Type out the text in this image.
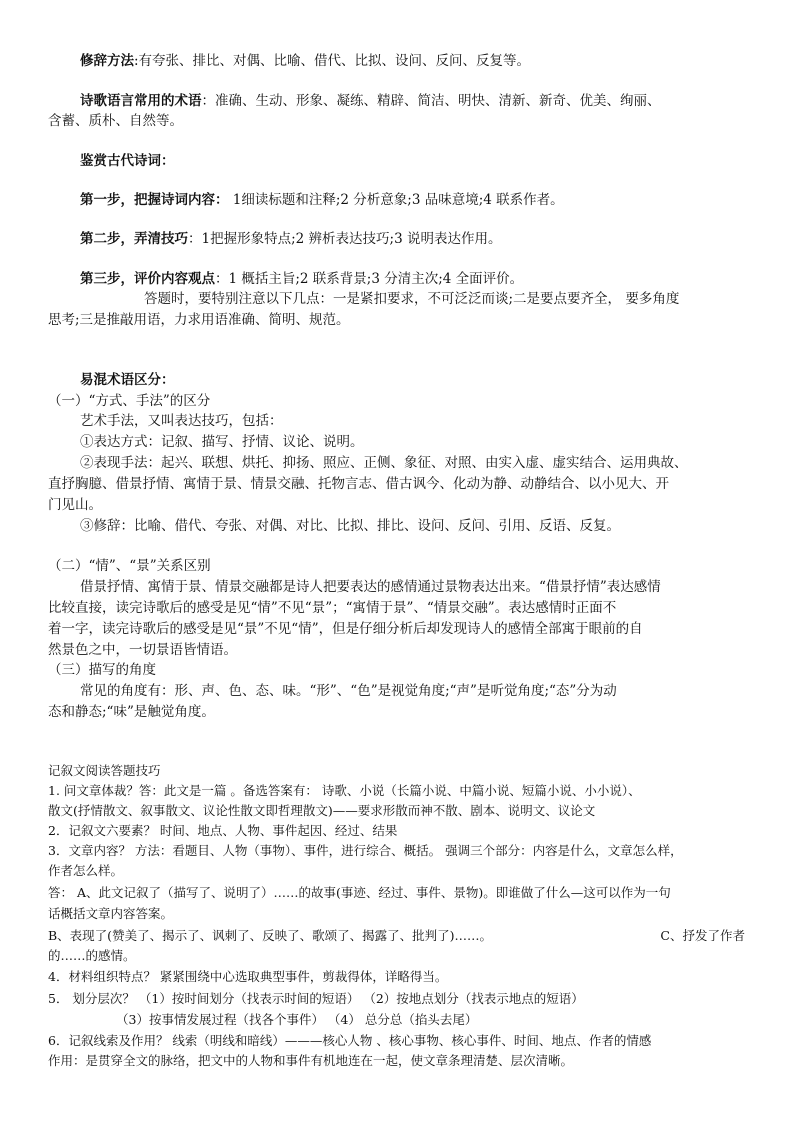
修辞方法:有夸张、排比、对偶、比喻、借代、比拟、设问、反问、反复等。
诗歌语言常用的术语：准确、生动、形象、凝练、精辟、简洁、明快、清新、新奇、优美、绚丽、
含蓄、质朴、自然等。
鉴赏古代诗词：
第一步，把握诗词内容： 1细读标题和注释;2 分析意象;3 品味意境;4 联系作者。
第二步，弄清技巧：1把握形象特点;2 辨析表达技巧;3 说明表达作用。
第三步，评价内容观点：1 概括主旨;2 联系背景;3 分清主次;4 全面评价。
答题时，要特别注意以下几点：一是紧扣要求，不可泛泛而谈;二是要点要齐全， 要多角度
思考;三是推敲用语，力求用语准确、简明、规范。
易混术语区分：
（一）“方式、手法”的区分
艺术手法，又叫表达技巧，包括：
①表达方式：记叙、描写、抒情、议论、说明。
②表现手法：起兴、联想、烘托、抑扬、照应、正侧、象征、对照、由实入虚、虚实结合、运用典故、
直抒胸臆、借景抒情、寓情于景、情景交融、托物言志、借古讽今、化动为静、动静结合、以小见大、开
门见山。
③修辞：比喻、借代、夸张、对偶、对比、比拟、排比、设问、反问、引用、反语、反复。
（二）“情”、“景”关系区别
借景抒情、寓情于景、情景交融都是诗人把要表达的感情通过景物表达出来。“借景抒情”表达感情
比较直接，读完诗歌后的感受是见“情”不见“景”；“寓情于景”、“情景交融”。表达感情时正面不
着一字，读完诗歌后的感受是见“景”不见“情”，但是仔细分析后却发现诗人的感情全部寓于眼前的自
然景色之中，一切景语皆情语。
（三）描写的角度
常见的角度有：形、声、色、态、味。“形”、“色”是视觉角度;“声”是听觉角度;“态”分为动
态和静态;“味”是触觉角度。
记叙文阅读答题技巧
1. 问文章体裁？答：此文是一篇 。备选答案有： 诗歌、小说（长篇小说、中篇小说、短篇小说、小小说）、
散文(抒情散文、叙事散文、议论性散文即哲理散文)——要求形散而神不散、剧本、说明文、议论文
2．记叙文六要素？ 时间、地点、人物、事件起因、经过、结果
3．文章内容？ 方法：看题目、人物（事物）、事件，进行综合、概括。 强调三个部分：内容是什么，文章怎么样，
作者怎么样。
答： A、此文记叙了（描写了、说明了）……的故事(事迹、经过、事件、景物)。即谁做了什么—这可以作为一句
话概括文章内容答案。
B、表现了(赞美了、揭示了、讽刺了、反映了、歌颂了、揭露了、批判了)……。	C、抒发了作者
的……的感情。
4．材料组织特点？ 紧紧围绕中心选取典型事件，剪裁得体，详略得当。
5． 划分层次？ （1）按时间划分（找表示时间的短语） （2）按地点划分（找表示地点的短语）
（3）按事情发展过程（找各个事件） （4） 总分总（掐头去尾）
6．记叙线索及作用？ 线索（明线和暗线）———核心人物 、核心事物、核心事件、时间、地点、作者的情感
作用：是贯穿全文的脉络，把文中的人物和事件有机地连在一起，使文章条理清楚、层次清晰。
